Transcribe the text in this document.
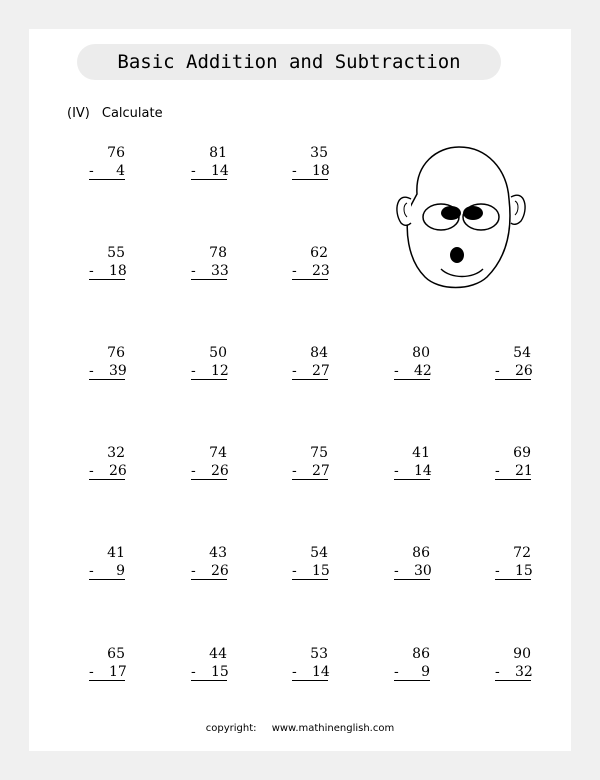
Basic Addition and Subtraction
(IV) Calculate
76
-	4
81
-	14
35
-	18
55
-	18
78
-	33
62
-	23
76
-	39
50
-	12
84
-	27
80
-	42
54
-	26
32
-	26
74
-	26
75
-	27
41
-	14
69
-	21
41
-	9
43
-	26
54
-	15
86
-	30
72
-	15
65
-	17
44
-	15
53
-	14
86
-	9
90
-	32
copyright: www.mathinenglish.com
